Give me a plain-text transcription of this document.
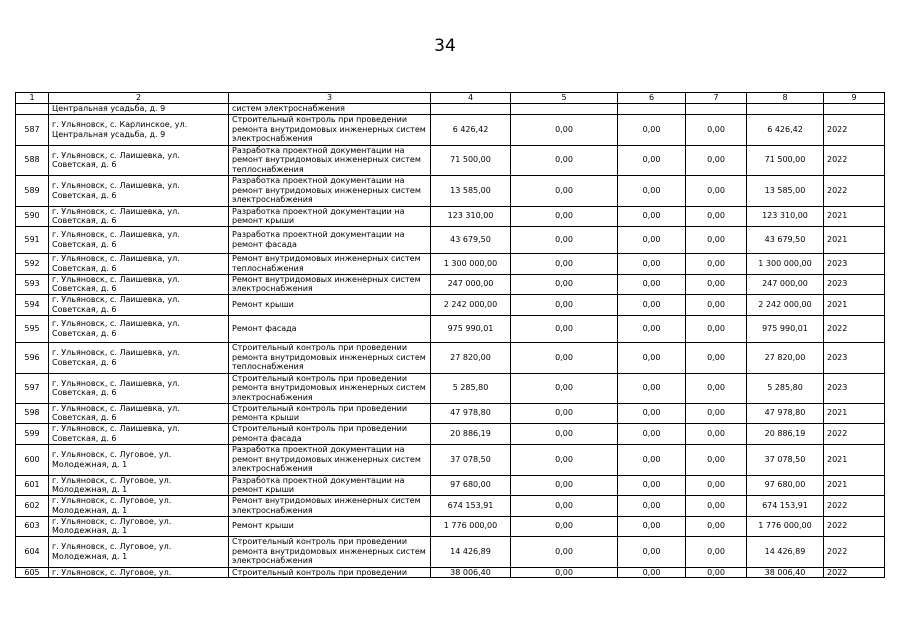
34
1	2	3	4	5	6	7	8	9
	Центральная усадьба, д. 9	систем электроснабжения						
587	г. Ульяновск, с. Карлинское, ул. Центральная усадьба, д. 9	Строительный контроль при проведении ремонта внутридомовых инженерных систем электроснабжения	6 426,42	0,00	0,00	0,00	6 426,42	2022
588	г. Ульяновск, с. Лаишевка, ул. Советская, д. 6	Разработка проектной документации на ремонт внутридомовых инженерных систем теплоснабжения	71 500,00	0,00	0,00	0,00	71 500,00	2022
589	г. Ульяновск, с. Лаишевка, ул. Советская, д. 6	Разработка проектной документации на ремонт внутридомовых инженерных систем электроснабжения	13 585,00	0,00	0,00	0,00	13 585,00	2022
590	г. Ульяновск, с. Лаишевка, ул. Советская, д. 6	Разработка проектной документации на ремонт крыши	123 310,00	0,00	0,00	0,00	123 310,00	2021
591	г. Ульяновск, с. Лаишевка, ул. Советская, д. 6	Разработка проектной документации на ремонт фасада	43 679,50	0,00	0,00	0,00	43 679,50	2021
592	г. Ульяновск, с. Лаишевка, ул. Советская, д. 6	Ремонт внутридомовых инженерных систем теплоснабжения	1 300 000,00	0,00	0,00	0,00	1 300 000,00	2023
593	г. Ульяновск, с. Лаишевка, ул. Советская, д. 6	Ремонт внутридомовых инженерных систем электроснабжения	247 000,00	0,00	0,00	0,00	247 000,00	2023
594	г. Ульяновск, с. Лаишевка, ул. Советская, д. 6	Ремонт крыши	2 242 000,00	0,00	0,00	0,00	2 242 000,00	2021
595	г. Ульяновск, с. Лаишевка, ул. Советская, д. 6	Ремонт фасада	975 990,01	0,00	0,00	0,00	975 990,01	2022
596	г. Ульяновск, с. Лаишевка, ул. Советская, д. 6	Строительный контроль при проведении ремонта внутридомовых инженерных систем теплоснабжения	27 820,00	0,00	0,00	0,00	27 820,00	2023
597	г. Ульяновск, с. Лаишевка, ул. Советская, д. 6	Строительный контроль при проведении ремонта внутридомовых инженерных систем электроснабжения	5 285,80	0,00	0,00	0,00	5 285,80	2023
598	г. Ульяновск, с. Лаишевка, ул. Советская, д. 6	Строительный контроль при проведении ремонта крыши	47 978,80	0,00	0,00	0,00	47 978,80	2021
599	г. Ульяновск, с. Лаишевка, ул. Советская, д. 6	Строительный контроль при проведении ремонта фасада	20 886,19	0,00	0,00	0,00	20 886,19	2022
600	г. Ульяновск, с. Луговое, ул. Молодежная, д. 1	Разработка проектной документации на ремонт внутридомовых инженерных систем электроснабжения	37 078,50	0,00	0,00	0,00	37 078,50	2021
601	г. Ульяновск, с. Луговое, ул. Молодежная, д. 1	Разработка проектной документации на ремонт крыши	97 680,00	0,00	0,00	0,00	97 680,00	2021
602	г. Ульяновск, с. Луговое, ул. Молодежная, д. 1	Ремонт внутридомовых инженерных систем электроснабжения	674 153,91	0,00	0,00	0,00	674 153,91	2022
603	г. Ульяновск, с. Луговое, ул. Молодежная, д. 1	Ремонт крыши	1 776 000,00	0,00	0,00	0,00	1 776 000,00	2022
604	г. Ульяновск, с. Луговое, ул. Молодежная, д. 1	Строительный контроль при проведении ремонта внутридомовых инженерных систем электроснабжения	14 426,89	0,00	0,00	0,00	14 426,89	2022
605	г. Ульяновск, с. Луговое, ул.	Строительный контроль при проведении	38 006,40	0,00	0,00	0,00	38 006,40	2022
